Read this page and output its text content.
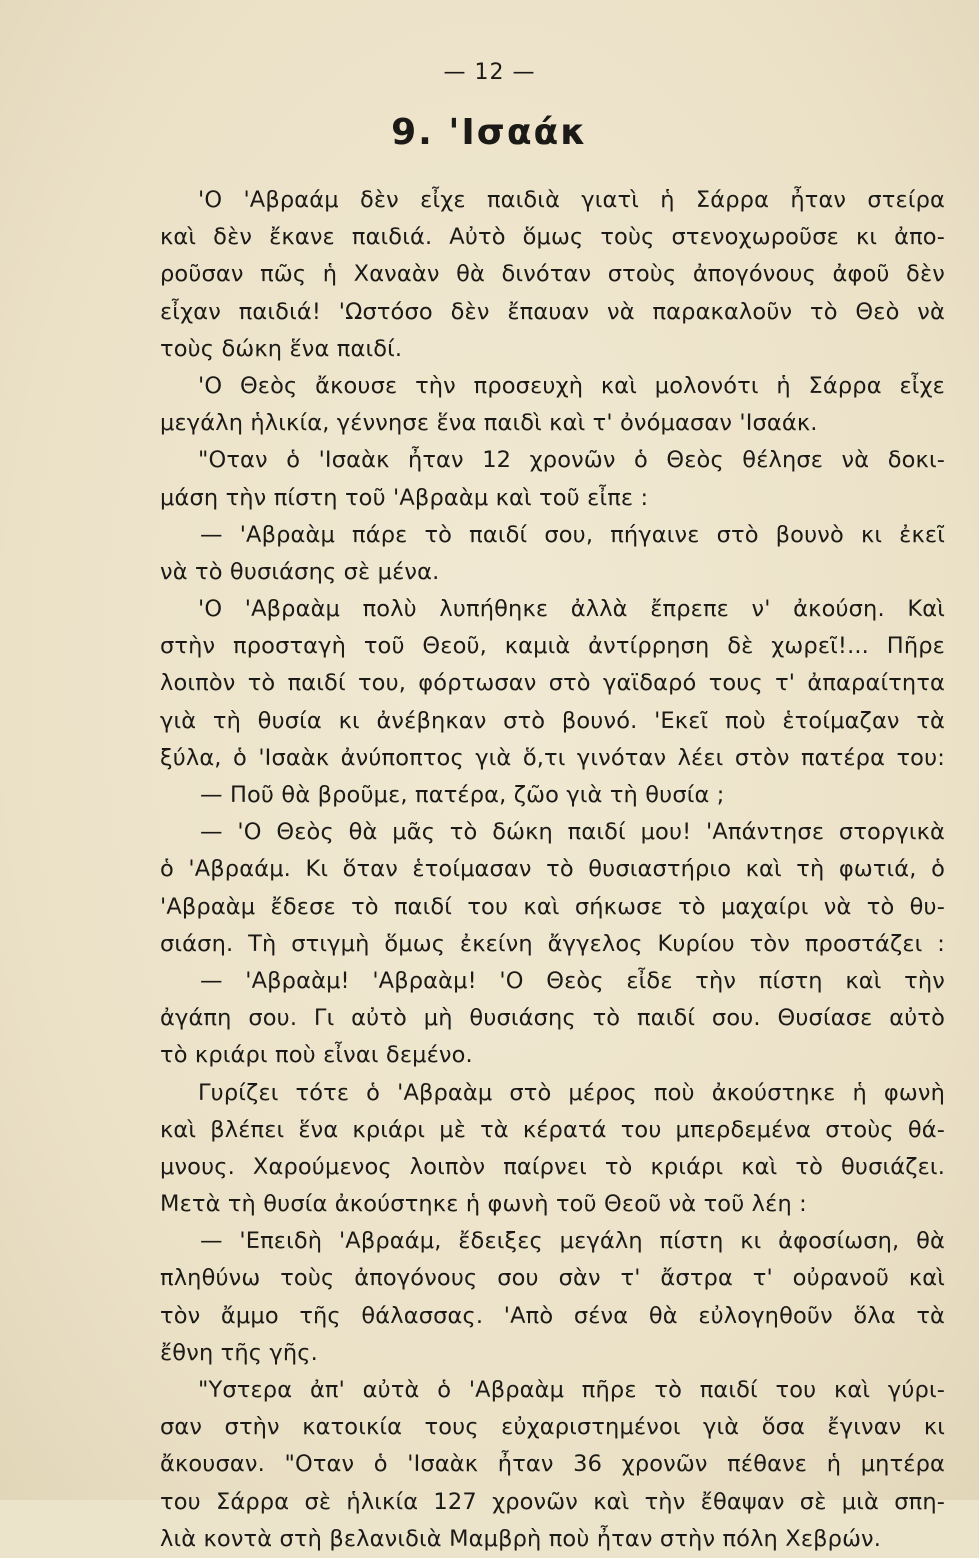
— 12 —
9. 'Ισαάκ
'Ο 'Αβραάμ δὲν εἶχε παιδιὰ γιατὶ ἡ Σάρρα ἦταν στείρα
καὶ δὲν ἔκανε παιδιά. Αὐτὸ ὅμως τοὺς στενοχωροῦσε κι ἀπο-
ροῦσαν πῶς ἡ Χαναὰν θὰ δινόταν στοὺς ἀπογόνους ἀφοῦ δὲν
εἶχαν παιδιά! 'Ωστόσο δὲν ἔπαυαν νὰ παρακαλοῦν τὸ Θεὸ νὰ
τοὺς δώκη ἕνα παιδί.
'Ο Θεὸς ἄκουσε τὴν προσευχὴ καὶ μολονότι ἡ Σάρρα εἶχε
μεγάλη ἡλικία, γέννησε ἕνα παιδὶ καὶ τ' ὀνόμασαν 'Ισαάκ.
"Οταν ὁ 'Ισαὰκ ἦταν 12 χρονῶν ὁ Θεὸς θέλησε νὰ δοκι-
μάση τὴν πίστη τοῦ 'Αβραὰμ καὶ τοῦ εἶπε :
— 'Αβραὰμ πάρε τὸ παιδί σου, πήγαινε στὸ βουνὸ κι ἐκεῖ
νὰ τὸ θυσιάσης σὲ μένα.
'Ο 'Αβραὰμ πολὺ λυπήθηκε ἀλλὰ ἔπρεπε ν' ἀκούση. Καὶ
στὴν προσταγὴ τοῦ Θεοῦ, καμιὰ ἀντίρρηση δὲ χωρεῖ!... Πῆρε
λοιπὸν τὸ παιδί του, φόρτωσαν στὸ γαϊδαρό τους τ' ἀπαραίτητα
γιὰ τὴ θυσία κι ἀνέβηκαν στὸ βουνό. 'Εκεῖ ποὺ ἑτοίμαζαν τὰ
ξύλα, ὁ 'Ισαὰκ ἀνύποπτος γιὰ ὅ,τι γινόταν λέει στὸν πατέρα του:
— Ποῦ θὰ βροῦμε, πατέρα, ζῶο γιὰ τὴ θυσία ;
— 'Ο Θεὸς θὰ μᾶς τὸ δώκη παιδί μου! 'Απάντησε στοργικὰ
ὁ 'Αβραάμ. Κι ὅταν ἑτοίμασαν τὸ θυσιαστήριο καὶ τὴ φωτιά, ὁ
'Αβραὰμ ἔδεσε τὸ παιδί του καὶ σήκωσε τὸ μαχαίρι νὰ τὸ θυ-
σιάση. Τὴ στιγμὴ ὅμως ἐκείνη ἄγγελος Κυρίου τὸν προστάζει :
— 'Αβραὰμ! 'Αβραὰμ! 'Ο Θεὸς εἶδε τὴν πίστη καὶ τὴν
ἀγάπη σου. Γι αὐτὸ μὴ θυσιάσης τὸ παιδί σου. Θυσίασε αὐτὸ
τὸ κριάρι ποὺ εἶναι δεμένο.
Γυρίζει τότε ὁ 'Αβραὰμ στὸ μέρος ποὺ ἀκούστηκε ἡ φωνὴ
καὶ βλέπει ἕνα κριάρι μὲ τὰ κέρατά του μπερδεμένα στοὺς θά-
μνους. Χαρούμενος λοιπὸν παίρνει τὸ κριάρι καὶ τὸ θυσιάζει.
Μετὰ τὴ θυσία ἀκούστηκε ἡ φωνὴ τοῦ Θεοῦ νὰ τοῦ λέη :
— 'Επειδὴ 'Αβραάμ, ἔδειξες μεγάλη πίστη κι ἀφοσίωση, θὰ
πληθύνω τοὺς ἀπογόνους σου σὰν τ' ἄστρα τ' οὐρανοῦ καὶ
τὸν ἄμμο τῆς θάλασσας. 'Απὸ σένα θὰ εὐλογηθοῦν ὅλα τὰ
ἔθνη τῆς γῆς.
"Υστερα ἀπ' αὐτὰ ὁ 'Αβραὰμ πῆρε τὸ παιδί του καὶ γύρι-
σαν στὴν κατοικία τους εὐχαριστημένοι γιὰ ὅσα ἔγιναν κι
ἄκουσαν. "Οταν ὁ 'Ισαὰκ ἦταν 36 χρονῶν πέθανε ἡ μητέρα
του Σάρρα σὲ ἡλικία 127 χρονῶν καὶ τὴν ἔθαψαν σὲ μιὰ σπη-
λιὰ κοντὰ στὴ βελανιδιὰ Μαμβρὴ ποὺ ἦταν στὴν πόλη Χεβρών.
